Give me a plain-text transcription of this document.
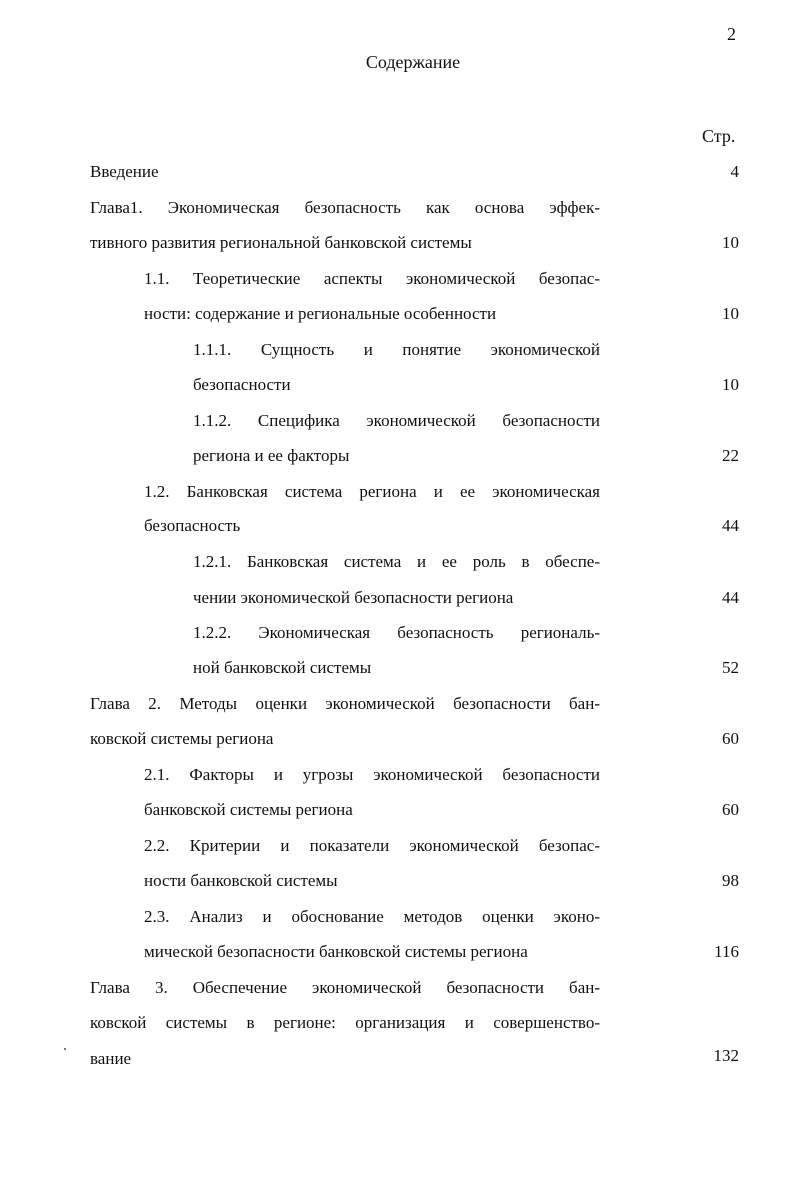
2
Содержание
Стр.
Введение	4
Глава1. Экономическая безопасность как основа эффек-
тивного развития региональной банковской системы	10
1.1. Теоретические аспекты экономической безопас-
ности: содержание и региональные особенности	10
1.1.1. Сущность и понятие экономической
безопасности	10
1.1.2. Специфика экономической безопасности
региона и ее факторы	22
1.2. Банковская система региона и ее экономическая
безопасность	44
1.2.1. Банковская система и ее роль в обеспе-
чении экономической безопасности региона	44
1.2.2. Экономическая безопасность региональ-
ной банковской системы	52
Глава 2. Методы оценки экономической безопасности бан-
ковской системы региона	60
2.1. Факторы и угрозы экономической безопасности
банковской системы региона	60
2.2. Критерии и показатели экономической безопас-
ности банковской системы	98
2.3. Анализ и обоснование методов оценки эконо-
мической безопасности банковской системы региона	116
Глава 3. Обеспечение экономической безопасности бан-
ковской системы в регионе: организация и совершенство-
вание	132
